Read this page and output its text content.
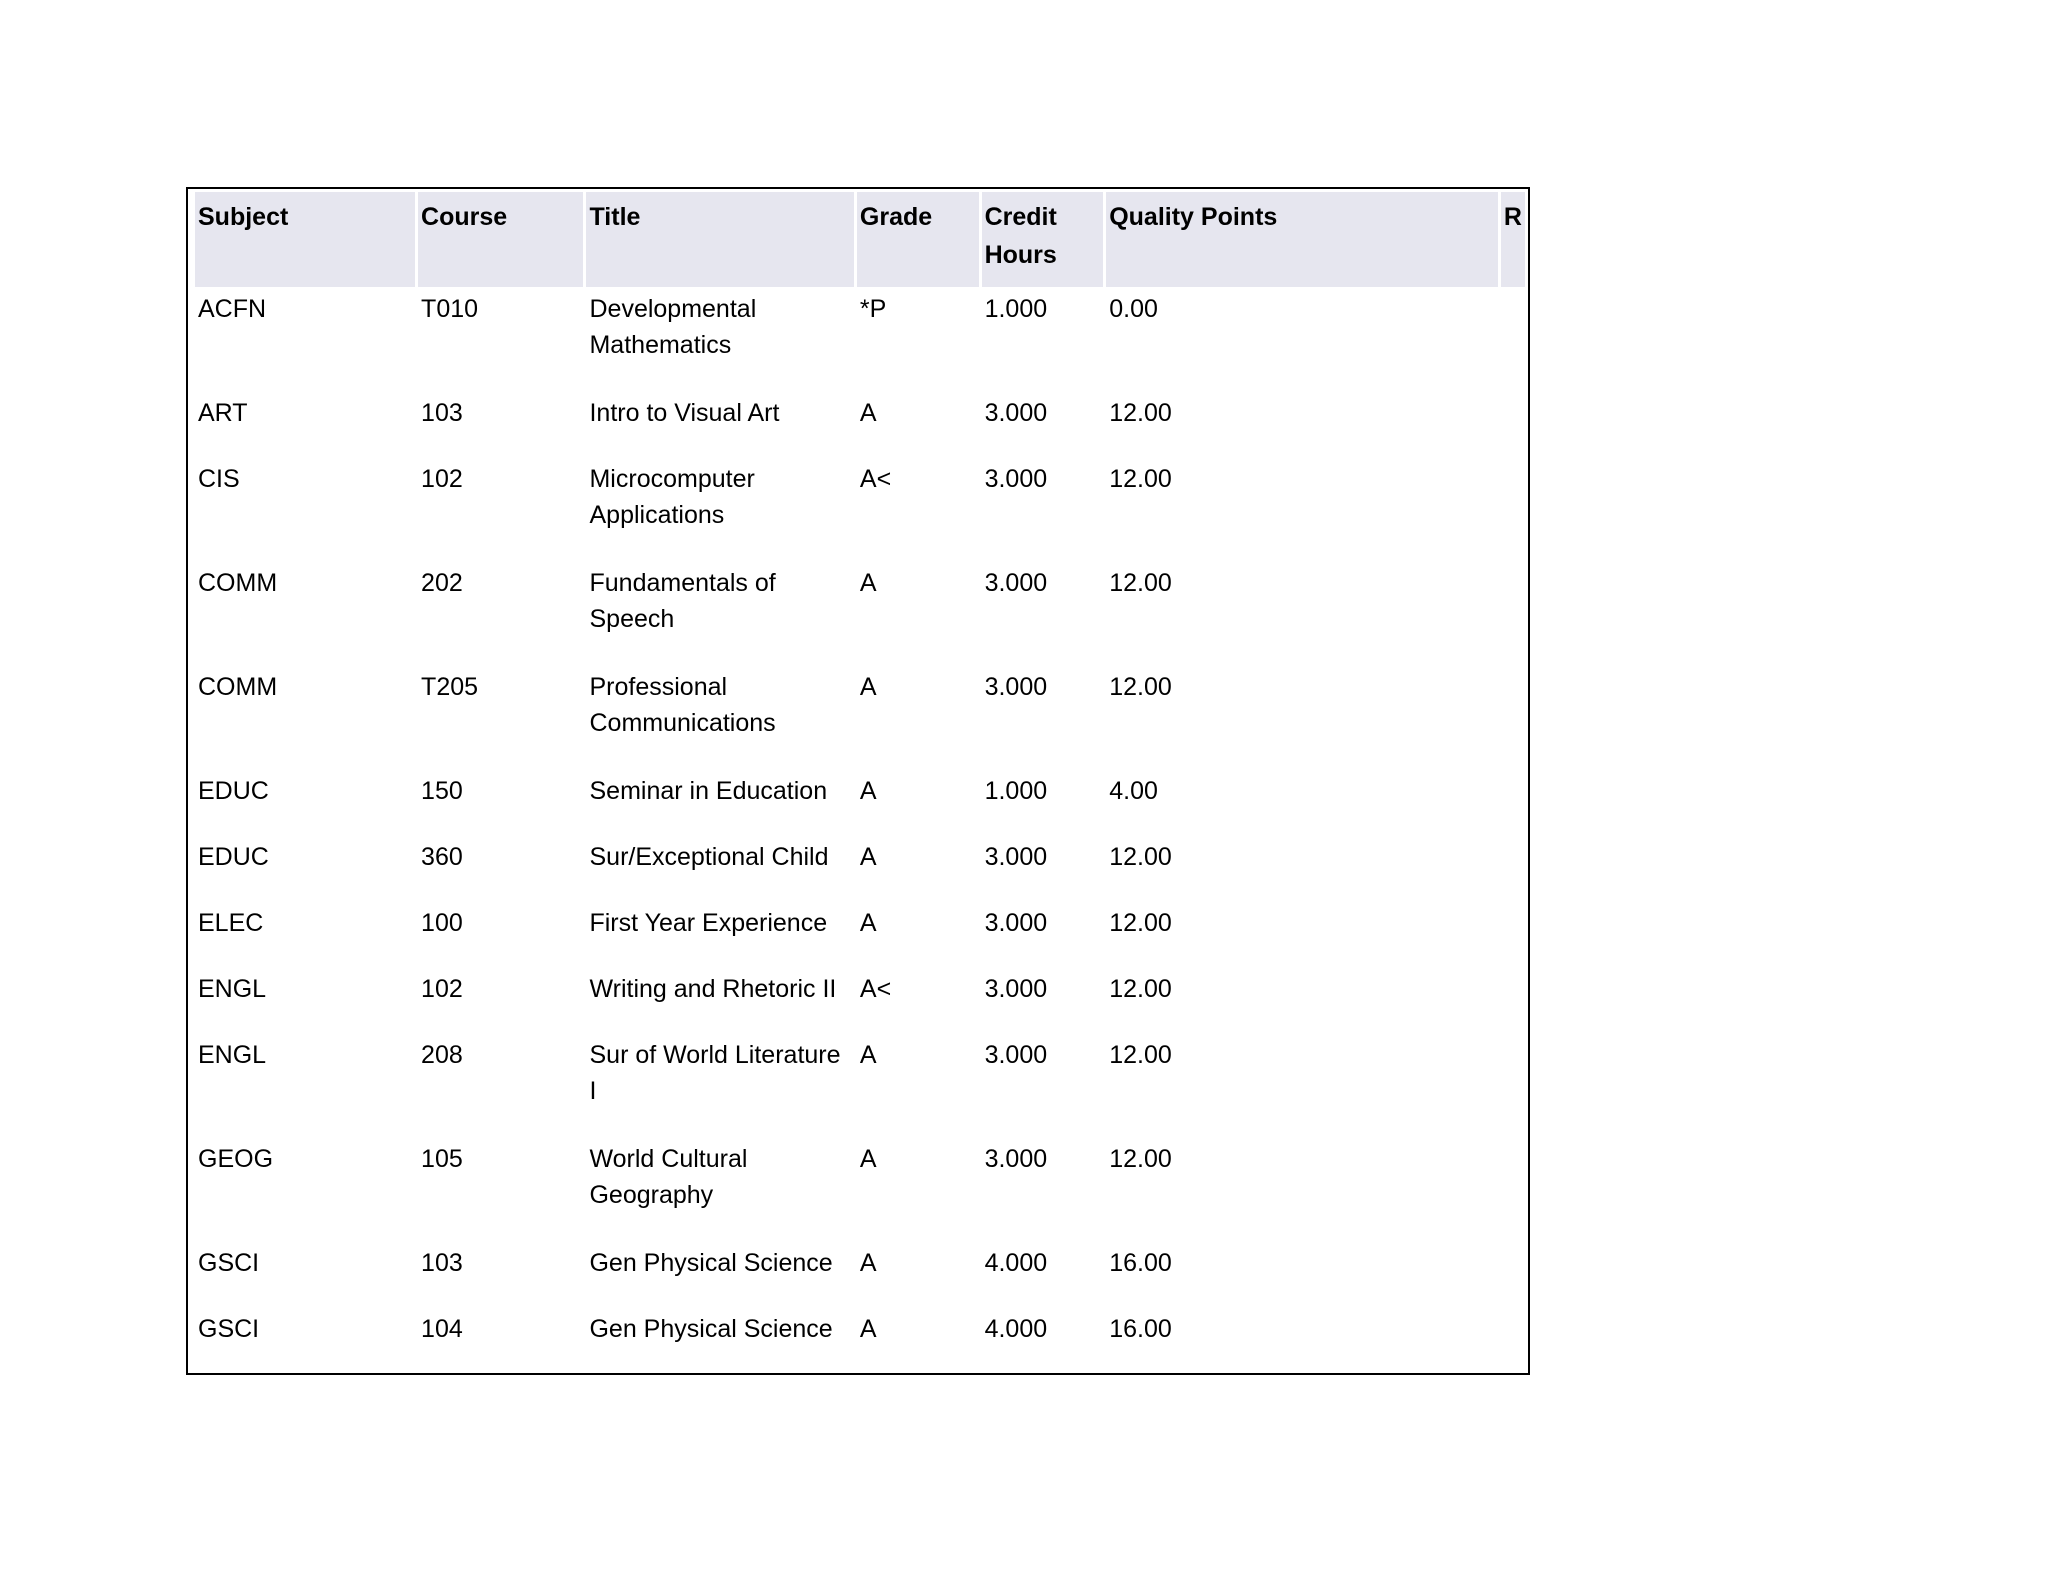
Subject	Course	Title	Grade	Credit Hours	Quality Points	R
ACFN	T010	Developmental Mathematics	*P	1.000	0.00	
ART	103	Intro to Visual Art	A	3.000	12.00	
CIS	102	Microcomputer Applications	A<	3.000	12.00	
COMM	202	Fundamentals of Speech	A	3.000	12.00	
COMM	T205	Professional Communications	A	3.000	12.00	
EDUC	150	Seminar in Education	A	1.000	4.00	
EDUC	360	Sur/Exceptional Child	A	3.000	12.00	
ELEC	100	First Year Experience	A	3.000	12.00	
ENGL	102	Writing and Rhetoric II	A<	3.000	12.00	
ENGL	208	Sur of World Literature I	A	3.000	12.00	
GEOG	105	World Cultural Geography	A	3.000	12.00	
GSCI	103	Gen Physical Science	A	4.000	16.00	
GSCI	104	Gen Physical Science	A	4.000	16.00	
